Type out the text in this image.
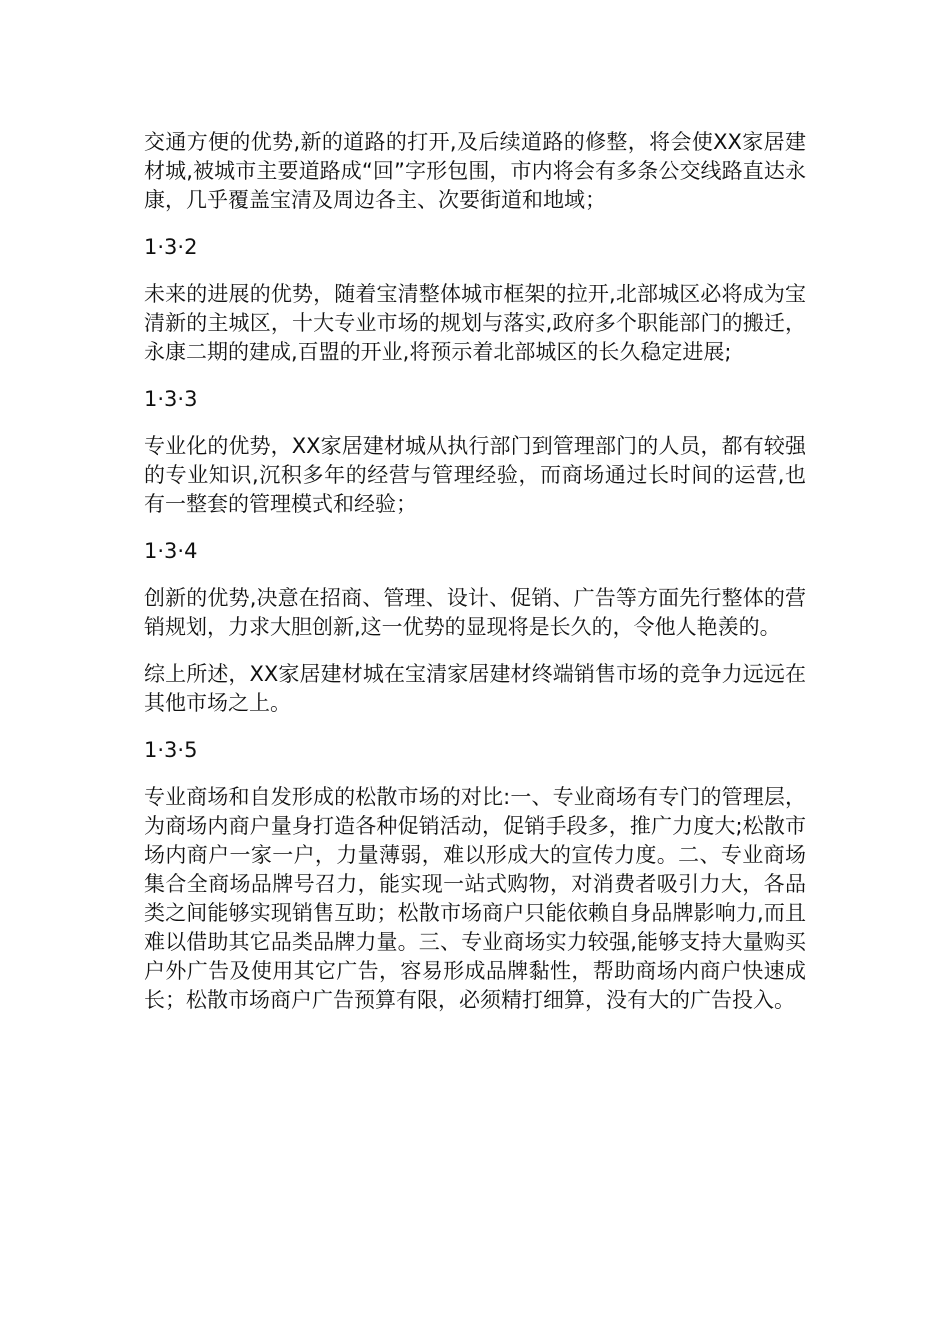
交通方便的优势,新的道路的打开,及后续道路的修整，将会使XX家居建材城,被城市主要道路成“回”字形包围，市内将会有多条公交线路直达永康，几乎覆盖宝清及周边各主、次要街道和地域；

1·3·2

未来的进展的优势，随着宝清整体城市框架的拉开,北部城区必将成为宝清新的主城区，十大专业市场的规划与落实,政府多个职能部门的搬迁，永康二期的建成,百盟的开业,将预示着北部城区的长久稳定进展;

1·3·3

专业化的优势，XX家居建材城从执行部门到管理部门的人员，都有较强的专业知识,沉积多年的经营与管理经验，而商场通过长时间的运营,也有一整套的管理模式和经验；

1·3·4

创新的优势,决意在招商、管理、设计、促销、广告等方面先行整体的营销规划，力求大胆创新,这一优势的显现将是长久的，令他人艳羡的。

综上所述，XX家居建材城在宝清家居建材终端销售市场的竞争力远远在其他市场之上。

1·3·5

专业商场和自发形成的松散市场的对比:一、专业商场有专门的管理层，为商场内商户量身打造各种促销活动，促销手段多，推广力度大;松散市场内商户一家一户，力量薄弱，难以形成大的宣传力度。二、专业商场集合全商场品牌号召力，能实现一站式购物，对消费者吸引力大，各品类之间能够实现销售互助；松散市场商户只能依赖自身品牌影响力,而且难以借助其它品类品牌力量。三、专业商场实力较强,能够支持大量购买户外广告及使用其它广告，容易形成品牌黏性，帮助商场内商户快速成长；松散市场商户广告预算有限，必须精打细算，没有大的广告投入。
